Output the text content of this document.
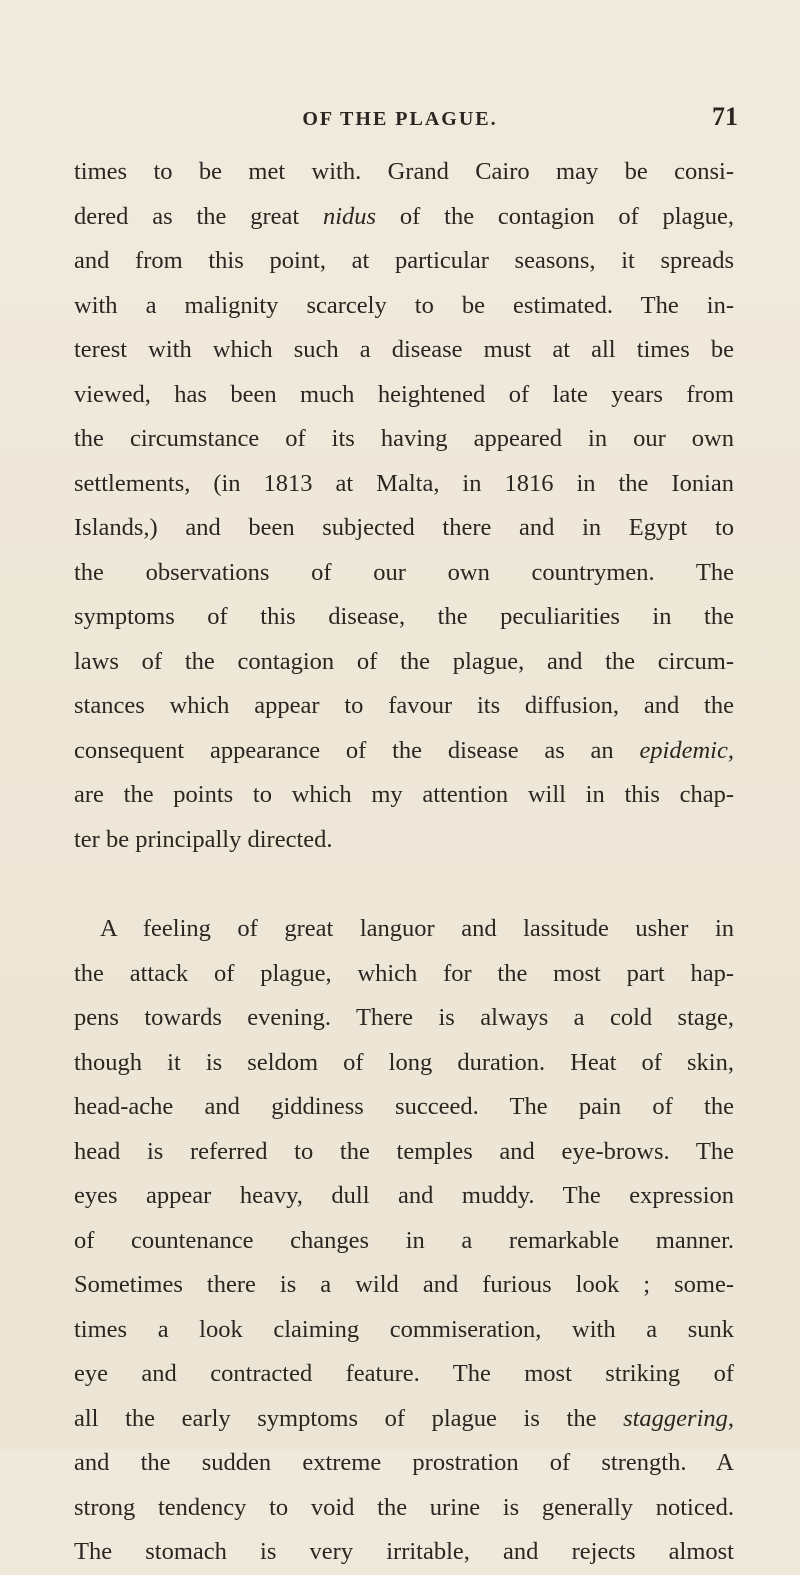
OF THE PLAGUE.	71
times to be met with. Grand Cairo may be consi-
dered as the great nidus of the contagion of plague,
and from this point, at particular seasons, it spreads
with a malignity scarcely to be estimated. The in-
terest with which such a disease must at all times be
viewed, has been much heightened of late years from
the circumstance of its having appeared in our own
settlements, (in 1813 at Malta, in 1816 in the Ionian
Islands,) and been subjected there and in Egypt to
the observations of our own countrymen. The
symptoms of this disease, the peculiarities in the
laws of the contagion of the plague, and the circum-
stances which appear to favour its diffusion, and the
consequent appearance of the disease as an epidemic,
are the points to which my attention will in this chap-
ter be principally directed.
A feeling of great languor and lassitude usher in
the attack of plague, which for the most part hap-
pens towards evening. There is always a cold stage,
though it is seldom of long duration. Heat of skin,
head-ache and giddiness succeed. The pain of the
head is referred to the temples and eye-brows. The
eyes appear heavy, dull and muddy. The expression
of countenance changes in a remarkable manner.
Sometimes there is a wild and furious look ; some-
times a look claiming commiseration, with a sunk
eye and contracted feature. The most striking of
all the early symptoms of plague is the staggering,
and the sudden extreme prostration of strength. A
strong tendency to void the urine is generally noticed.
The stomach is very irritable, and rejects almost
